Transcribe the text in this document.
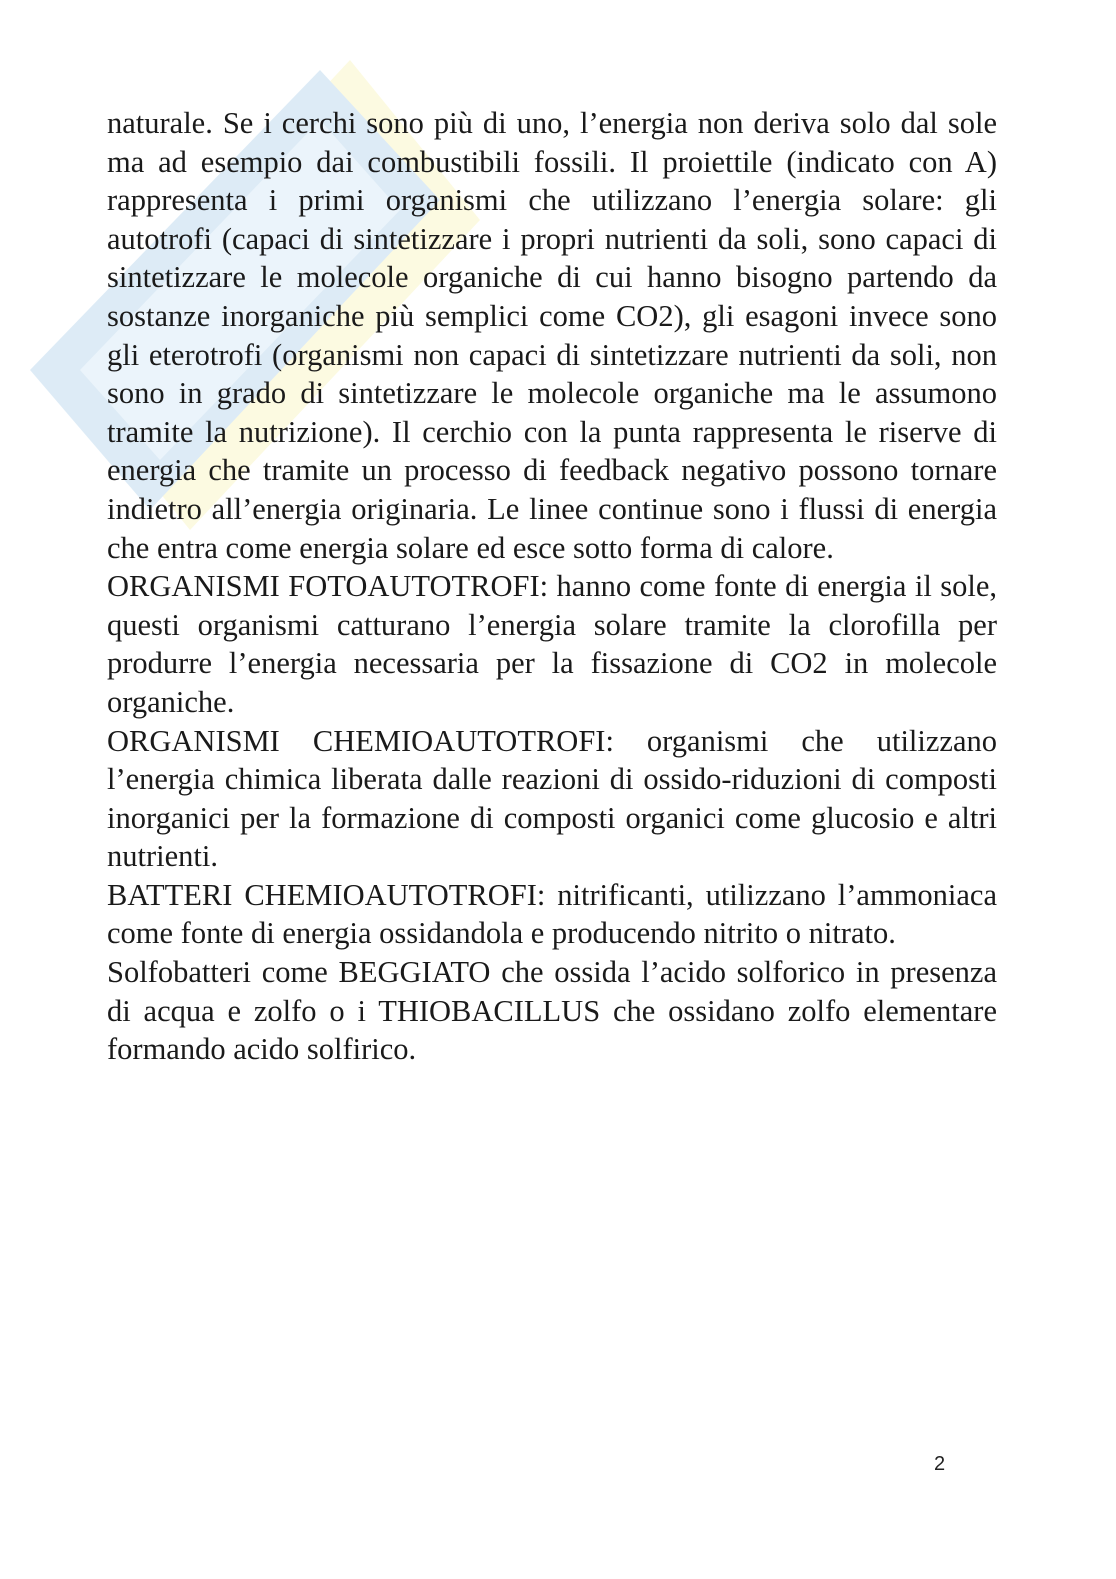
naturale. Se i cerchi sono più di uno, l’energia non deriva solo dal sole ma ad esempio dai combustibili fossili. Il proiettile (indicato con A) rappresenta i primi organismi che utilizzano l’energia solare: gli autotrofi (capaci di sintetizzare i propri nutrienti da soli, sono capaci di sintetizzare le molecole organiche di cui hanno bisogno partendo da sostanze inorganiche più semplici come CO2), gli esagoni invece sono gli eterotrofi (organismi non capaci di sintetizzare nutrienti da soli, non sono in grado di sintetizzare le molecole organiche ma le assumono tramite la nutrizione). Il cerchio con la punta rappresenta le riserve di energia che tramite un processo di feedback negativo possono tornare indietro all’energia originaria. Le linee continue sono i flussi di energia che entra come energia solare ed esce sotto forma di calore.

ORGANISMI FOTOAUTOTROFI: hanno come fonte di energia il sole, questi organismi catturano l’energia solare tramite la clorofilla per produrre l’energia necessaria per la fissazione di CO2 in molecole organiche.

ORGANISMI CHEMIOAUTOTROFI: organismi che utilizzano l’energia chimica liberata dalle reazioni di ossido-riduzioni di composti inorganici per la formazione di composti organici come glucosio e altri nutrienti.

BATTERI CHEMIOAUTOTROFI: nitrificanti, utilizzano l’ammoniaca come fonte di energia ossidandola e producendo nitrito o nitrato.

Solfobatteri come BEGGIATO che ossida l’acido solforico in presenza di acqua e zolfo o i THIOBACILLUS che ossidano zolfo elementare formando acido solfirico.

2
